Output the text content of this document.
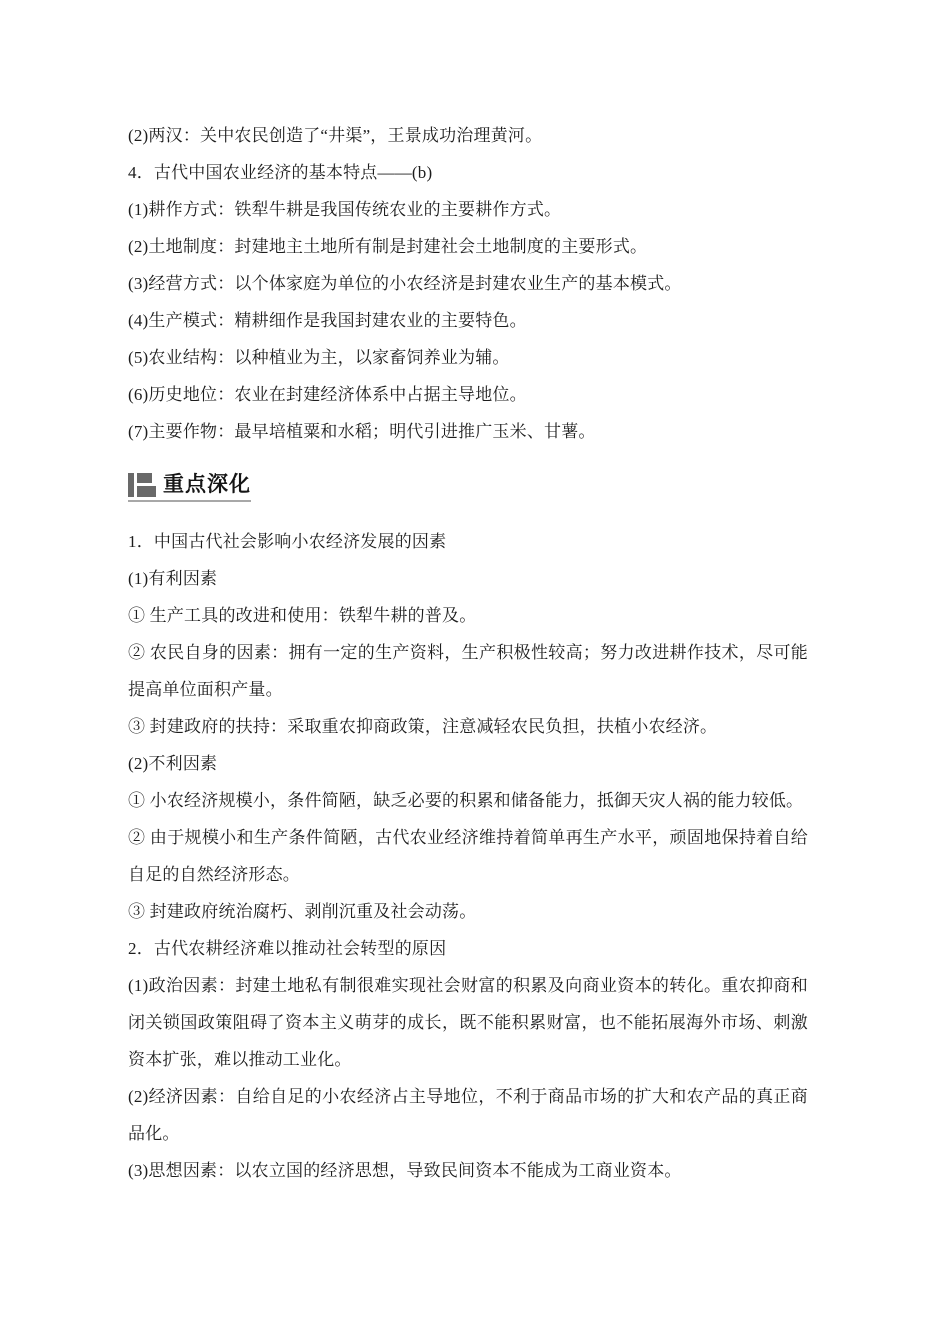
(2)两汉：关中农民创造了“井渠”，王景成功治理黄河。

4．古代中国农业经济的基本特点——(b)

(1)耕作方式：铁犁牛耕是我国传统农业的主要耕作方式。

(2)土地制度：封建地主土地所有制是封建社会土地制度的主要形式。

(3)经营方式：以个体家庭为单位的小农经济是封建农业生产的基本模式。

(4)生产模式：精耕细作是我国封建农业的主要特色。

(5)农业结构：以种植业为主，以家畜饲养业为辅。

(6)历史地位：农业在封建经济体系中占据主导地位。

(7)主要作物：最早培植粟和水稻；明代引进推广玉米、甘薯。

重点深化

1．中国古代社会影响小农经济发展的因素

(1)有利因素

① 生产工具的改进和使用：铁犁牛耕的普及。

② 农民自身的因素：拥有一定的生产资料，生产积极性较高；努力改进耕作技术，尽可能提高单位面积产量。

③ 封建政府的扶持：采取重农抑商政策，注意减轻农民负担，扶植小农经济。

(2)不利因素

① 小农经济规模小，条件简陋，缺乏必要的积累和储备能力，抵御天灾人祸的能力较低。

② 由于规模小和生产条件简陋，古代农业经济维持着简单再生产水平，顽固地保持着自给自足的自然经济形态。

③ 封建政府统治腐朽、剥削沉重及社会动荡。

2．古代农耕经济难以推动社会转型的原因

(1)政治因素：封建土地私有制很难实现社会财富的积累及向商业资本的转化。重农抑商和闭关锁国政策阻碍了资本主义萌芽的成长，既不能积累财富，也不能拓展海外市场、刺激资本扩张，难以推动工业化。

(2)经济因素：自给自足的小农经济占主导地位，不利于商品市场的扩大和农产品的真正商品化。

(3)思想因素：以农立国的经济思想，导致民间资本不能成为工商业资本。
